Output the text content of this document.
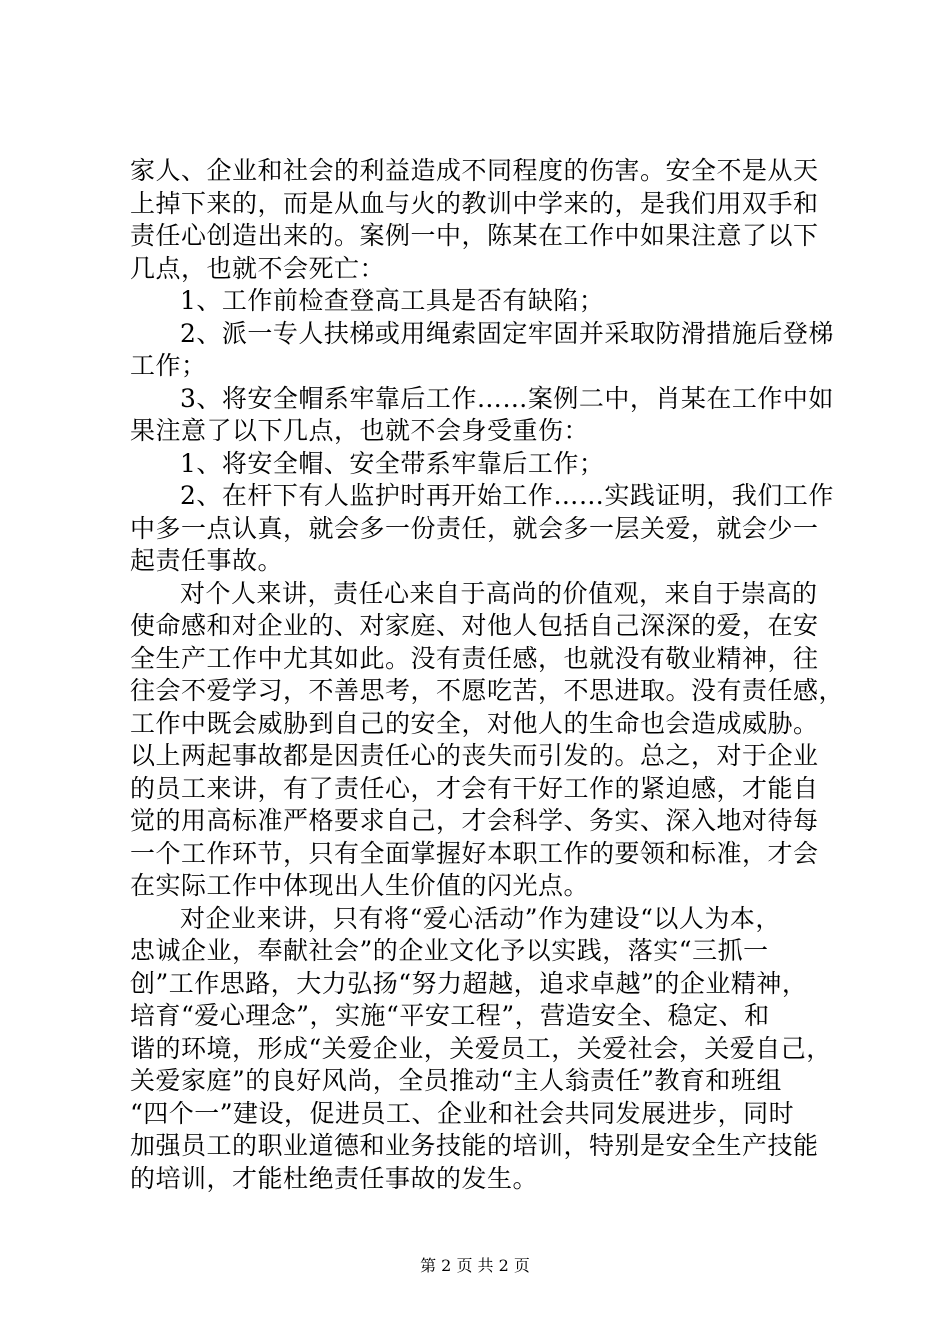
家人、企业和社会的利益造成不同程度的伤害。安全不是从天
上掉下来的，而是从血与火的教训中学来的，是我们用双手和
责任心创造出来的。案例一中，陈某在工作中如果注意了以下
几点，也就不会死亡：
1、工作前检查登高工具是否有缺陷；
2、派一专人扶梯或用绳索固定牢固并采取防滑措施后登梯
工作；
3、将安全帽系牢靠后工作……案例二中，肖某在工作中如
果注意了以下几点，也就不会身受重伤：
1、将安全帽、安全带系牢靠后工作；
2、在杆下有人监护时再开始工作……实践证明，我们工作
中多一点认真，就会多一份责任，就会多一层关爱，就会少一
起责任事故。
对个人来讲，责任心来自于高尚的价值观，来自于崇高的
使命感和对企业的、对家庭、对他人包括自己深深的爱，在安
全生产工作中尤其如此。没有责任感，也就没有敬业精神，往
往会不爱学习，不善思考，不愿吃苦，不思进取。没有责任感，
工作中既会威胁到自己的安全，对他人的生命也会造成威胁。
以上两起事故都是因责任心的丧失而引发的。总之，对于企业
的员工来讲，有了责任心，才会有干好工作的紧迫感，才能自
觉的用高标准严格要求自己，才会科学、务实、深入地对待每
一个工作环节，只有全面掌握好本职工作的要领和标准，才会
在实际工作中体现出人生价值的闪光点。
对企业来讲，只有将“爱心活动”作为建设“以人为本，
忠诚企业，奉献社会”的企业文化予以实践，落实“三抓一
创”工作思路，大力弘扬“努力超越，追求卓越”的企业精神，
培育“爱心理念”，实施“平安工程”，营造安全、稳定、和
谐的环境，形成“关爱企业，关爱员工，关爱社会，关爱自己，
关爱家庭”的良好风尚，全员推动“主人翁责任”教育和班组
“四个一”建设，促进员工、企业和社会共同发展进步，同时
加强员工的职业道德和业务技能的培训，特别是安全生产技能
的培训，才能杜绝责任事故的发生。
第 2 页 共 2 页
